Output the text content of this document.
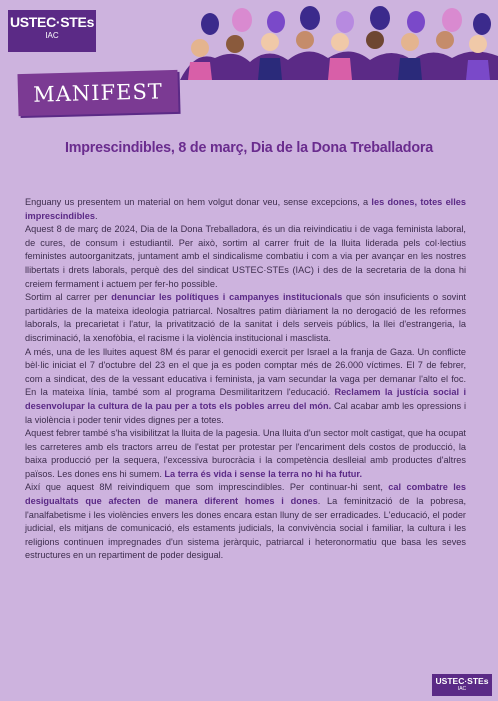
USTEC·STEs
IAC
MANIFEST
Imprescindibles, 8 de març, Dia de la Dona Treballadora

Enguany us presentem un material on hem volgut donar veu, sense excepcions, a les dones, totes elles imprescindibles.

Aquest 8 de març de 2024, Dia de la Dona Treballadora, és un dia reivindicatiu i de vaga feminista laboral, de cures, de consum i estudiantil. Per això, sortim al carrer fruit de la lluita liderada pels col·lectius feministes autoorganitzats, juntament amb el sindicalisme combatiu i com a via per avançar en les nostres llibertats i drets laborals, perquè des del sindicat USTEC·STEs (IAC) i des de la secretaria de la dona hi creiem fermament i actuem per fer-ho possible.

Sortim al carrer per denunciar les polítiques i campanyes institucionals que són insuficients o sovint partidàries de la mateixa ideologia patriarcal. Nosaltres patim diàriament la no derogació de les reformes laborals, la precarietat i l'atur, la privatització de la sanitat i dels serveis públics, la llei d'estrangeria, la discriminació, la xenofòbia, el racisme i la violència institucional i masclista.

A més, una de les lluites aquest 8M és parar el genocidi exercit per Israel a la franja de Gaza. Un conflicte bèl·lic iniciat el 7 d'octubre del 23 en el que ja es poden comptar més de 26.000 víctimes. El 7 de febrer, com a sindicat, des de la vessant educativa i feminista, ja vam secundar la vaga per demanar l'alto el foc. En la mateixa línia, també som al programa Desmilitaritzem l'educació. Reclamem la justícia social i desenvolupar la cultura de la pau per a tots els pobles arreu del món. Cal acabar amb les opressions i la violència i poder tenir vides dignes per a totes.

Aquest febrer també s'ha visibilitzat la lluita de la pagesia. Una lluita d'un sector molt castigat, que ha ocupat les carreteres amb els tractors arreu de l'estat per protestar per l'encariment dels costos de producció, la baixa producció per la sequera, l'excessiva burocràcia i la competència deslleial amb productes d'altres països. Les dones ens hi sumem. La terra és vida i sense la terra no hi ha futur.

Així que aquest 8M reivindiquem que som imprescindibles. Per continuar-hi sent, cal combatre les desigualtats que afecten de manera diferent homes i dones. La feminització de la pobresa, l'analfabetisme i les violències envers les dones encara estan lluny de ser erradicades. L'educació, el poder judicial, els mitjans de comunicació, els estaments judicials, la convivència social i familiar, la cultura i les religions continuen impregnades d'un sistema jeràrquic, patriarcal i heteronormatiu que basa les seves estructures en un repartiment de poder desigual.

USTEC·STEs
IAC
